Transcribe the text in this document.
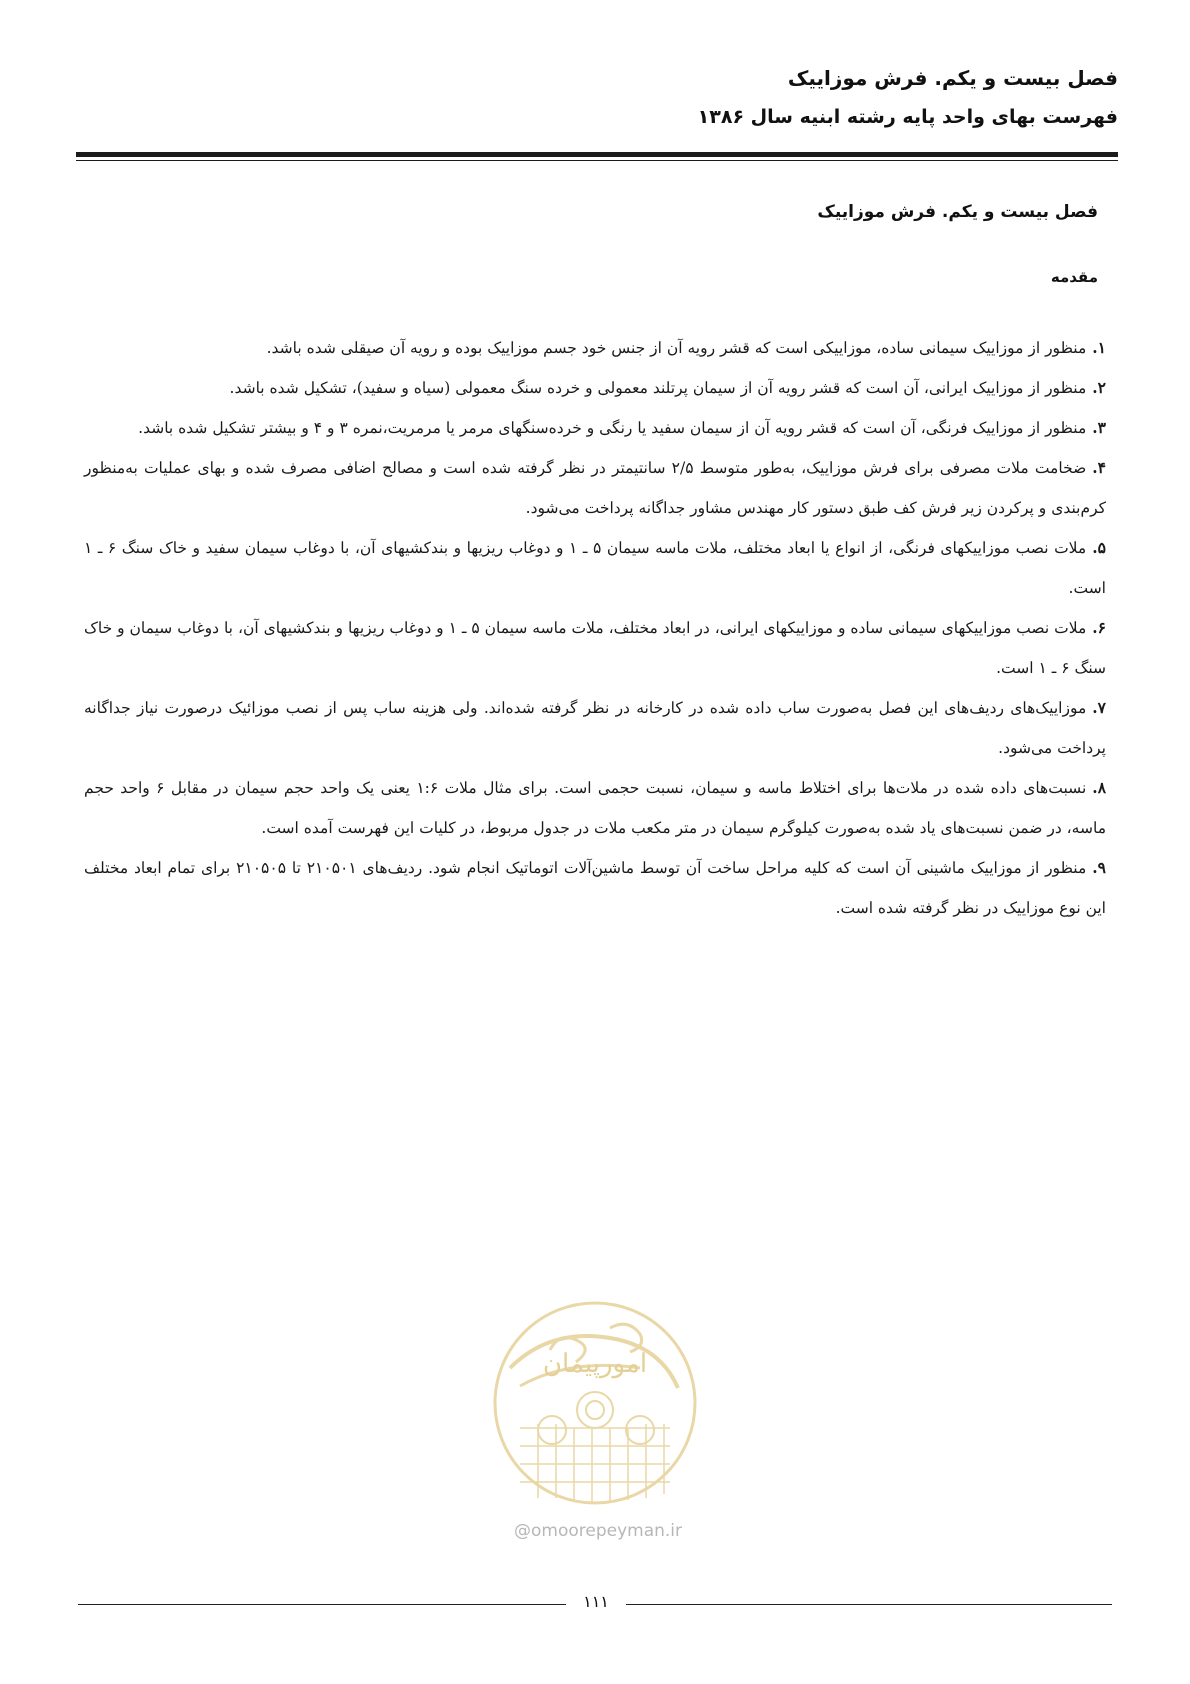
فصل بیست و یکم. فرش موزاییک
فهرست بهای واحد پایه رشته ابنیه سال ۱۳۸۶
فصل بیست و یکم. فرش موزاییک
مقدمه
۱.منظور از موزاییک سیمانی ساده، موزاییکی است که قشر رویه آن از جنس خود جسم موزاییک بوده و رویه آن صیقلی شده باشد.
۲.منظور از موزاییک ایرانی، آن است که قشر رویه آن از سیمان پرتلند معمولی و خرده سنگ معمولی (سیاه و سفید)، تشکیل شده باشد.
۳.منظور از موزاییک فرنگی، آن است که قشر رویه آن از سیمان سفید یا رنگی و خرده‌سنگهای مرمر یا مرمریت،نمره ۳ و ۴ و بیشتر تشکیل شده باشد.
۴.ضخامت ملات مصرفی برای فرش موزاییک، به‌طور متوسط ۲/۵ سانتیمتر در نظر گرفته شده است و مصالح اضافی مصرف شده و بهای عملیات به‌منظور کرم‌بندی و پرکردن زیر فرش کف طبق دستور کار مهندس مشاور جداگانه پرداخت می‌شود.
۵.ملات نصب موزاییکهای فرنگی، از انواع یا ابعاد مختلف، ملات ماسه سیمان ۵ ـ ۱ و دوغاب ریزیها و بندکشیهای آن، با دوغاب سیمان سفید و خاک سنگ ۶ ـ ۱ است.
۶.ملات نصب موزاییکهای سیمانی ساده و موزاییکهای ایرانی، در ابعاد مختلف، ملات ماسه سیمان ۵ ـ ۱ و دوغاب ریزیها و بندکشیهای آن، با دوغاب سیمان و خاک سنگ ۶ ـ ۱ است.
۷.موزاییک‌های ردیف‌های این فصل به‌صورت ساب داده شده در کارخانه در نظر گرفته شده‌اند. ولی هزینه ساب پس از نصب موزائیک درصورت نیاز جداگانه پرداخت می‌شود.
۸.نسبت‌های داده شده در ملات‌ها برای اختلاط ماسه و سیمان، نسبت حجمی است. برای مثال ملات ۱:۶ یعنی یک واحد حجم سیمان در مقابل ۶ واحد حجم ماسه، در ضمن نسبت‌های یاد شده به‌صورت کیلوگرم سیمان در متر مکعب ملات در جدول مربوط، در کلیات این فهرست آمده است.
۹.منظور از موزاییک ماشینی آن است که کلیه مراحل ساخت آن توسط ماشین‌آلات اتوماتیک انجام شود. ردیف‌های ۲۱۰۵۰۱ تا ۲۱۰۵۰۵ برای تمام ابعاد مختلف این نوع موزاییک در نظر گرفته شده است.
امورپیمان
@omoorepeyman.ir
۱۱۱
